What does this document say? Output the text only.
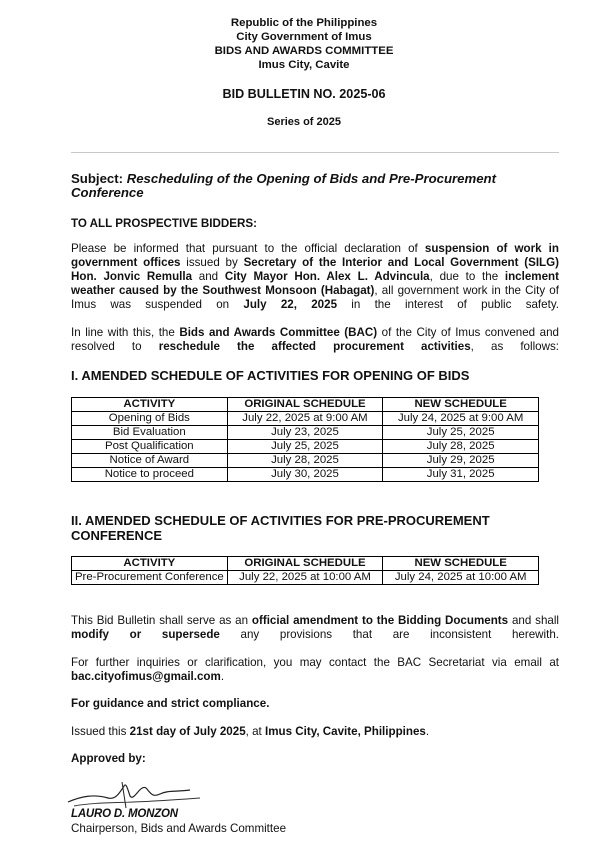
Republic of the Philippines
City Government of Imus
BIDS AND AWARDS COMMITTEE
Imus City, Cavite
BID BULLETIN NO. 2025-06
Series of 2025
Subject: Rescheduling of the Opening of Bids and Pre-Procurement Conference
TO ALL PROSPECTIVE BIDDERS:
Please be informed that pursuant to the official declaration of suspension of work in government offices issued by Secretary of the Interior and Local Government (SILG) Hon. Jonvic Remulla and City Mayor Hon. Alex L. Advincula, due to the inclement weather caused by the Southwest Monsoon (Habagat), all government work in the City of Imus was suspended on July 22, 2025 in the interest of public safety.
In line with this, the Bids and Awards Committee (BAC) of the City of Imus convened and resolved to reschedule the affected procurement activities, as follows:
I. AMENDED SCHEDULE OF ACTIVITIES FOR OPENING OF BIDS
ACTIVITY	ORIGINAL SCHEDULE	NEW SCHEDULE
Opening of Bids	July 22, 2025 at 9:00 AM	July 24, 2025 at 9:00 AM
Bid Evaluation	July 23, 2025	July 25, 2025
Post Qualification	July 25, 2025	July 28, 2025
Notice of Award	July 28, 2025	July 29, 2025
Notice to proceed	July 30, 2025	July 31, 2025
II. AMENDED SCHEDULE OF ACTIVITIES FOR PRE-PROCUREMENT CONFERENCE
ACTIVITY	ORIGINAL SCHEDULE	NEW SCHEDULE
Pre-Procurement Conference	July 22, 2025 at 10:00 AM	July 24, 2025 at 10:00 AM
This Bid Bulletin shall serve as an official amendment to the Bidding Documents and shall modify or supersede any provisions that are inconsistent herewith.
For further inquiries or clarification, you may contact the BAC Secretariat via email at bac.cityofimus@gmail.com.
For guidance and strict compliance.
Issued this 21st day of July 2025, at Imus City, Cavite, Philippines.
Approved by:
LAURO D. MONZON
Chairperson, Bids and Awards Committee
